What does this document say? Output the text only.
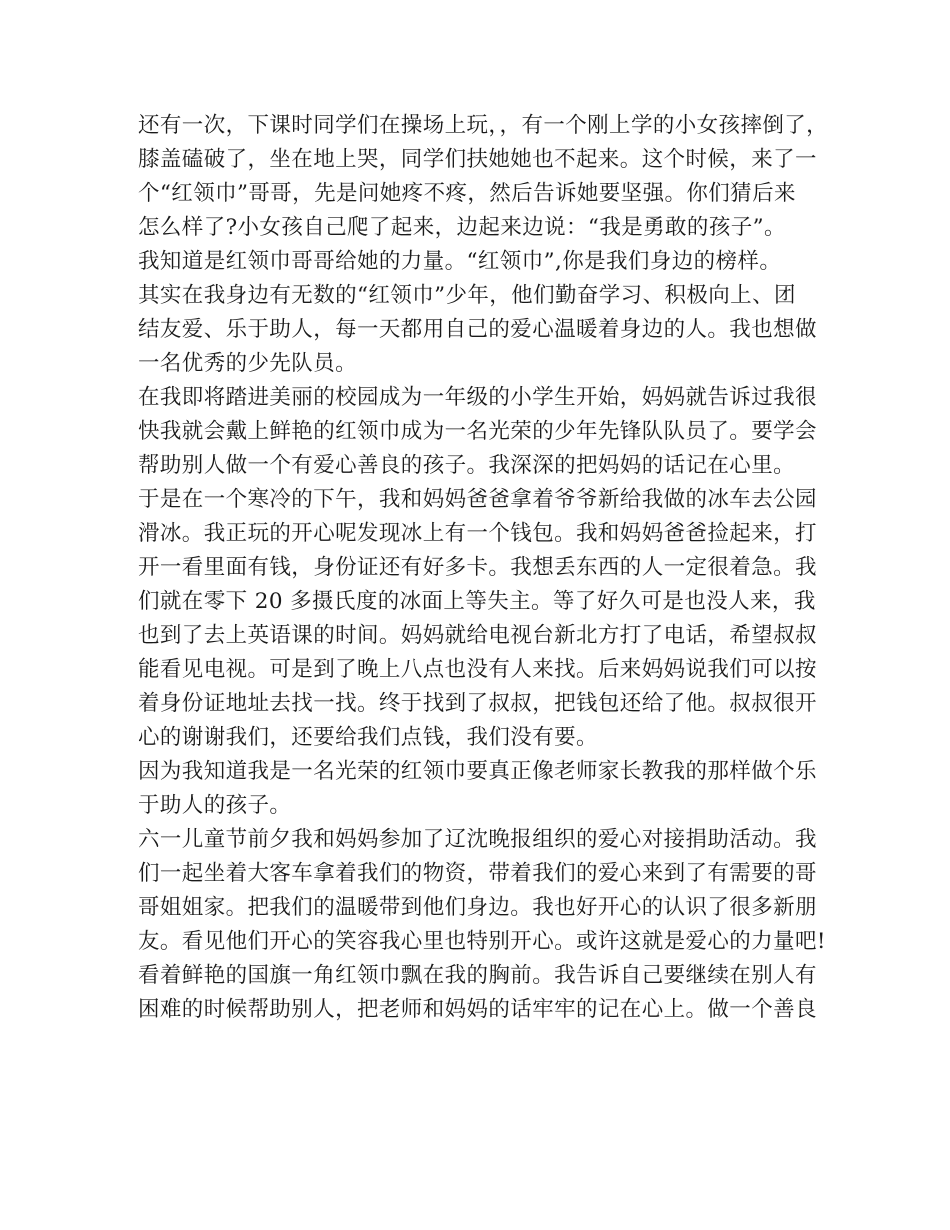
还有一次，下课时同学们在操场上玩，，有一个刚上学的小女孩摔倒了，
膝盖磕破了，坐在地上哭，同学们扶她她也不起来。这个时候，来了一
个“红领巾”哥哥，先是问她疼不疼，然后告诉她要坚强。你们猜后来
怎么样了?小女孩自己爬了起来，边起来边说：“我是勇敢的孩子”。
我知道是红领巾哥哥给她的力量。“红领巾”,你是我们身边的榜样。
其实在我身边有无数的“红领巾”少年，他们勤奋学习、积极向上、团
结友爱、乐于助人，每一天都用自己的爱心温暖着身边的人。我也想做
一名优秀的少先队员。
在我即将踏进美丽的校园成为一年级的小学生开始，妈妈就告诉过我很
快我就会戴上鲜艳的红领巾成为一名光荣的少年先锋队队员了。要学会
帮助别人做一个有爱心善良的孩子。我深深的把妈妈的话记在心里。
于是在一个寒冷的下午，我和妈妈爸爸拿着爷爷新给我做的冰车去公园
滑冰。我正玩的开心呢发现冰上有一个钱包。我和妈妈爸爸捡起来，打
开一看里面有钱，身份证还有好多卡。我想丢东西的人一定很着急。我
们就在零下 20 多摄氏度的冰面上等失主。等了好久可是也没人来，我
也到了去上英语课的时间。妈妈就给电视台新北方打了电话，希望叔叔
能看见电视。可是到了晚上八点也没有人来找。后来妈妈说我们可以按
着身份证地址去找一找。终于找到了叔叔，把钱包还给了他。叔叔很开
心的谢谢我们，还要给我们点钱，我们没有要。
因为我知道我是一名光荣的红领巾要真正像老师家长教我的那样做个乐
于助人的孩子。
六一儿童节前夕我和妈妈参加了辽沈晚报组织的爱心对接捐助活动。我
们一起坐着大客车拿着我们的物资，带着我们的爱心来到了有需要的哥
哥姐姐家。把我们的温暖带到他们身边。我也好开心的认识了很多新朋
友。看见他们开心的笑容我心里也特别开心。或许这就是爱心的力量吧!
看着鲜艳的国旗一角红领巾飘在我的胸前。我告诉自己要继续在别人有
困难的时候帮助别人，把老师和妈妈的话牢牢的记在心上。做一个善良
